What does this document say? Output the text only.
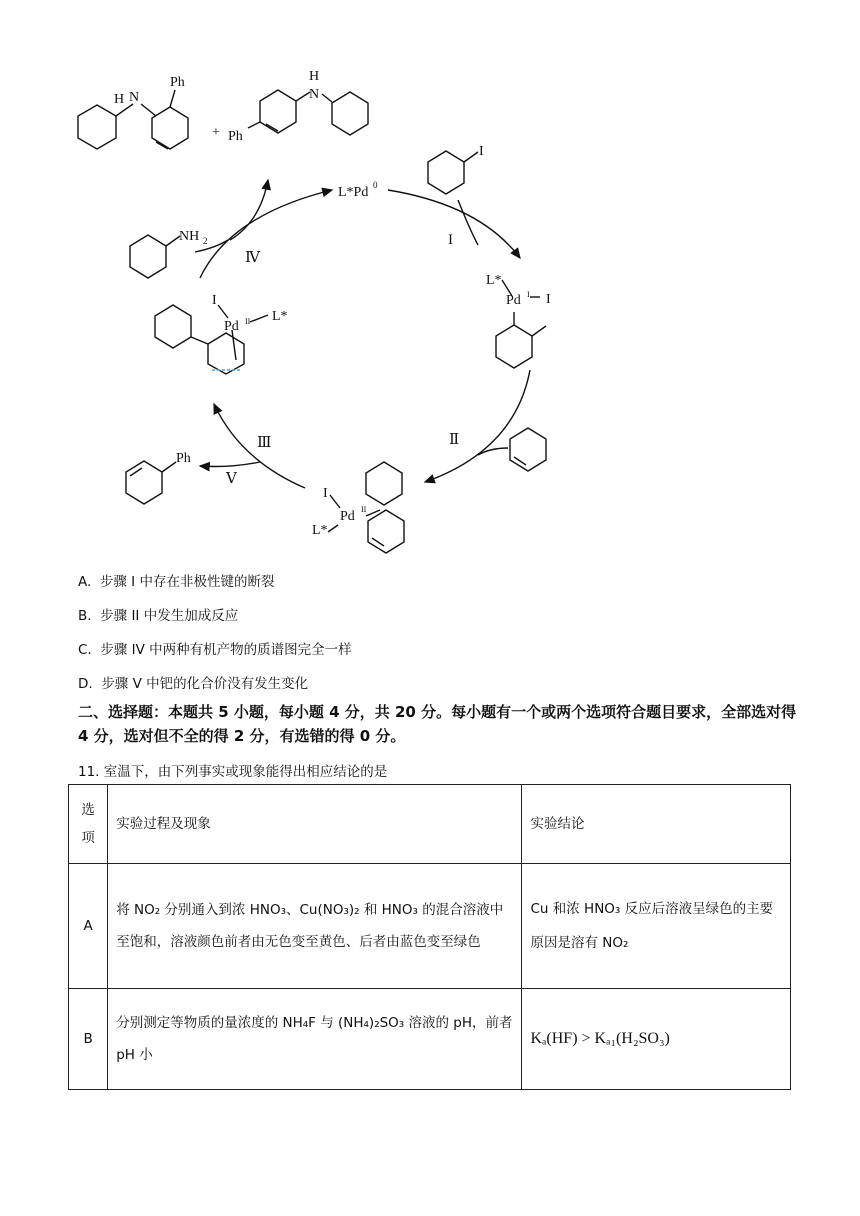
H N
Ph
+ Ph
H
N
L*Pd 0
I
I
NH 2
Ⅳ
L*
Pd I I
I
Pd II L*
Ⅱ
Ⅲ
Ⅴ
Ph
I
Pd II
L*
A. 步骤 I 中存在非极性键的断裂
B. 步骤 II 中发生加成反应
C. 步骤 IV 中两种有机产物的质谱图完全一样
D. 步骤 V 中钯的化合价没有发生变化
二、选择题：本题共 5 小题，每小题 4 分，共 20 分。每小题有一个或两个选项符合题目要求，全部选对得 4 分，选对但不全的得 2 分，有选错的得 0 分。
11. 室温下，由下列事实或现象能得出相应结论的是
选
项	实验过程及现象	实验结论
A	将 NO₂ 分别通入到浓 HNO₃、Cu(NO₃)₂ 和 HNO₃ 的混合溶液中至饱和，溶液颜色前者由无色变至黄色、后者由蓝色变至绿色	Cu 和浓 HNO₃ 反应后溶液呈绿色的主要原因是溶有 NO₂
B	分别测定等物质的量浓度的 NH₄F 与 (NH₄)₂SO₃ 溶液的 pH，前者 pH 小	Kₐ(HF) > Kₐ₁(H₂SO₃)
